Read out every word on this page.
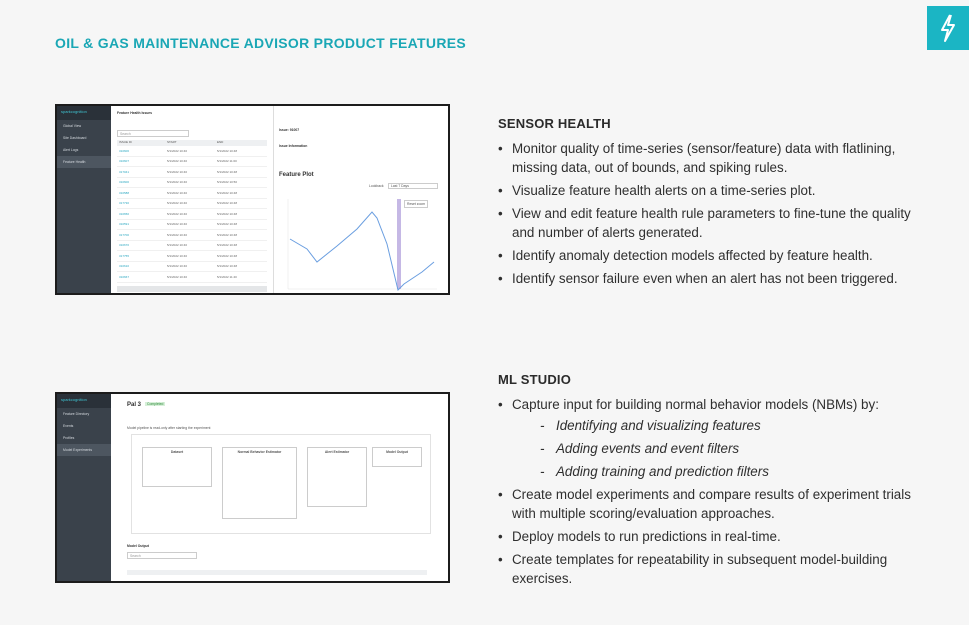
OIL & GAS MAINTENANCE ADVISOR PRODUCT FEATURES
sparkcognition
Global View
Site Dashboard
Alert Logs
Feature Health
Feature Health Issues
Search
ISSUE ID	START	END
310606	5/1/2022 10:40	5/1/2022 10:48
310607	5/1/2022 10:40	5/1/2022 11:00
317041	5/1/2022 10:40	5/1/2022 10:48
310600	5/1/2022 10:40	5/1/2022 10:50
310588	5/1/2022 10:40	5/1/2022 10:48
317730	5/1/2022 10:40	5/1/2022 10:48
310650	5/1/2022 10:40	5/1/2022 10:48
310591	5/1/2022 10:40	5/1/2022 10:48
317700	5/1/2022 10:40	5/1/2022 10:48
310670	5/1/2022 10:40	5/1/2022 10:48
317755	5/1/2022 10:40	5/1/2022 10:48
310610	5/1/2022 10:40	5/1/2022 10:48
310667	5/1/2022 10:40	5/1/2022 11:40
Issue: 91007
Issue Information
Feature Plot
Lookback	Last 7 Days
Reset zoom
sparkcognition
Feature Directory
Events
Profiles
Model Experiments
Pal 3	Completed
Model pipeline is read-only after starting the experiment
Dataset	Normal Behavior Estimator	Alert Estimator	Model Output
Model Output
Search
SENSOR HEALTH
• Monitor quality of time-series (sensor/feature) data with flatlining, missing data, out of bounds, and spiking rules.
• Visualize feature health alerts on a time-series plot.
• View and edit feature health rule parameters to fine-tune the quality and number of alerts generated.
• Identify anomaly detection models affected by feature health.
• Identify sensor failure even when an alert has not been triggered.
ML STUDIO
• Capture input for building normal behavior models (NBMs) by:
- Identifying and visualizing features
- Adding events and event filters
- Adding training and prediction filters
• Create model experiments and compare results of experiment trials with multiple scoring/evaluation approaches.
• Deploy models to run predictions in real-time.
• Create templates for repeatability in subsequent model-building exercises.
